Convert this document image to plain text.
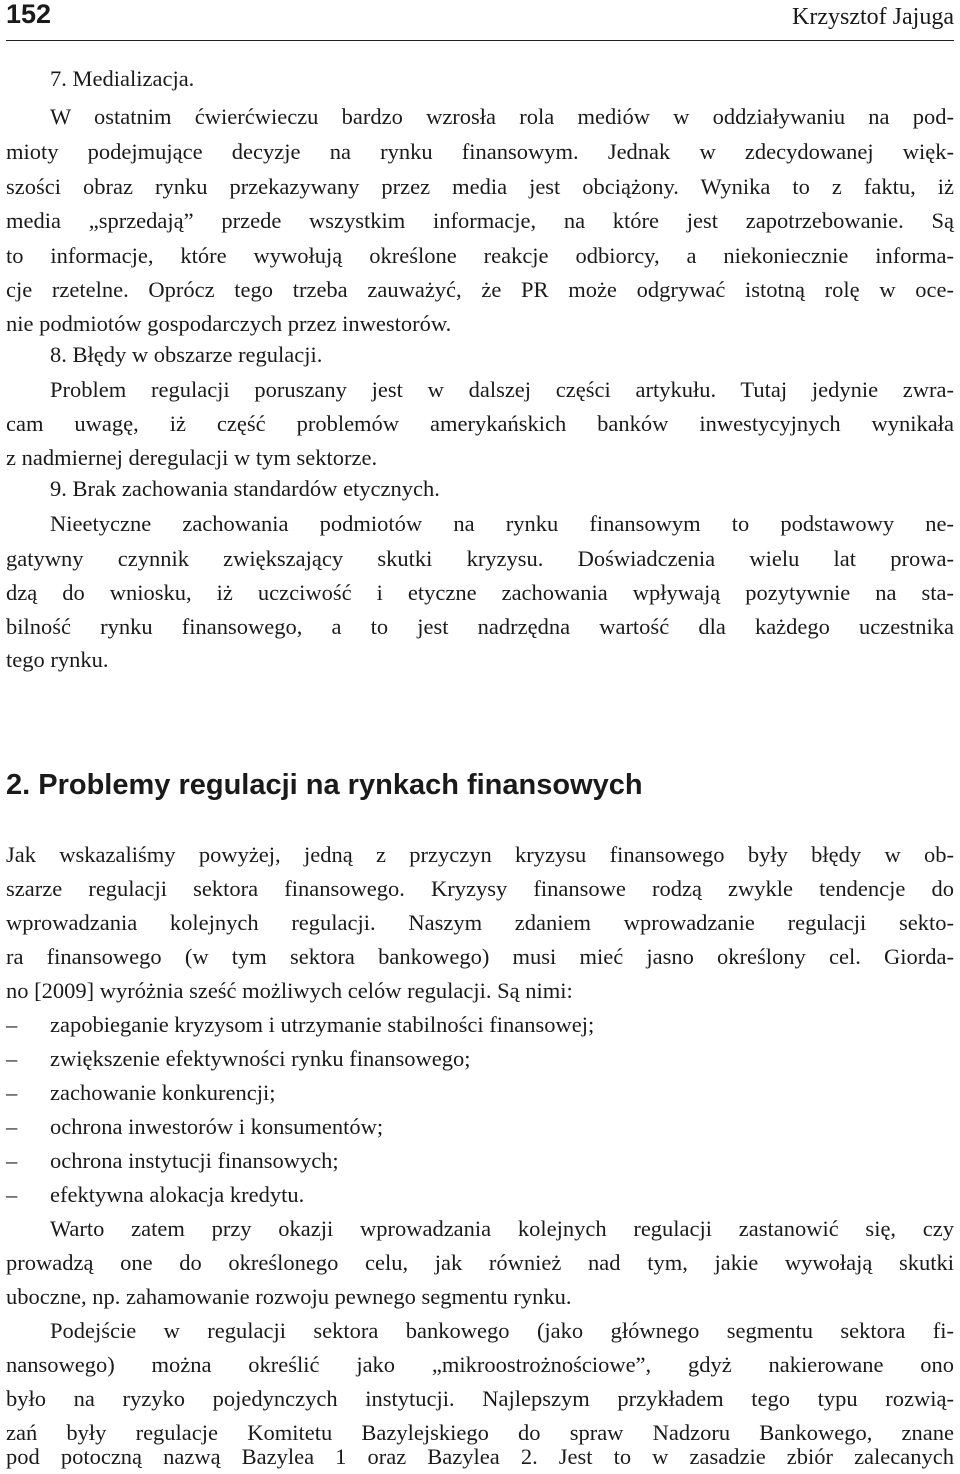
152	Krzysztof Jajuga

7. Medializacja.

W ostatnim ćwierćwieczu bardzo wzrosła rola mediów w oddziaływaniu na pod-

mioty podejmujące decyzje na rynku finansowym. Jednak w zdecydowanej więk-

szości obraz rynku przekazywany przez media jest obciążony. Wynika to z faktu, iż

media „sprzedają” przede wszystkim informacje, na które jest zapotrzebowanie. Są

to informacje, które wywołują określone reakcje odbiorcy, a niekoniecznie informa-

cje rzetelne. Oprócz tego trzeba zauważyć, że PR może odgrywać istotną rolę w oce-

nie podmiotów gospodarczych przez inwestorów.

8. Błędy w obszarze regulacji.

Problem regulacji poruszany jest w dalszej części artykułu. Tutaj jedynie zwra-

cam uwagę, iż część problemów amerykańskich banków inwestycyjnych wynikała

z nadmiernej deregulacji w tym sektorze.

9. Brak zachowania standardów etycznych.

Nieetyczne zachowania podmiotów na rynku finansowym to podstawowy ne-

gatywny czynnik zwiększający skutki kryzysu. Doświadczenia wielu lat prowa-

dzą do wniosku, iż uczciwość i etyczne zachowania wpływają pozytywnie na sta-

bilność rynku finansowego, a to jest nadrzędna wartość dla każdego uczestnika

tego rynku.

2. Problemy regulacji na rynkach finansowych

Jak wskazaliśmy powyżej, jedną z przyczyn kryzysu finansowego były błędy w ob-

szarze regulacji sektora finansowego. Kryzysy finansowe rodzą zwykle tendencje do

wprowadzania kolejnych regulacji. Naszym zdaniem wprowadzanie regulacji sekto-

ra finansowego (w tym sektora bankowego) musi mieć jasno określony cel. Giorda-

no [2009] wyróżnia sześć możliwych celów regulacji. Są nimi:

– zapobieganie kryzysom i utrzymanie stabilności finansowej;
– zwiększenie efektywności rynku finansowego;
– zachowanie konkurencji;
– ochrona inwestorów i konsumentów;
– ochrona instytucji finansowych;
– efektywna alokacja kredytu.

Warto zatem przy okazji wprowadzania kolejnych regulacji zastanowić się, czy

prowadzą one do określonego celu, jak również nad tym, jakie wywołają skutki

uboczne, np. zahamowanie rozwoju pewnego segmentu rynku.

Podejście w regulacji sektora bankowego (jako głównego segmentu sektora fi-

nansowego) można określić jako „mikroostrożnościowe”, gdyż nakierowane ono

było na ryzyko pojedynczych instytucji. Najlepszym przykładem tego typu rozwią-

zań były regulacje Komitetu Bazylejskiego do spraw Nadzoru Bankowego, znane

pod potoczną nazwą Bazylea 1 oraz Bazylea 2. Jest to w zasadzie zbiór zalecanych
